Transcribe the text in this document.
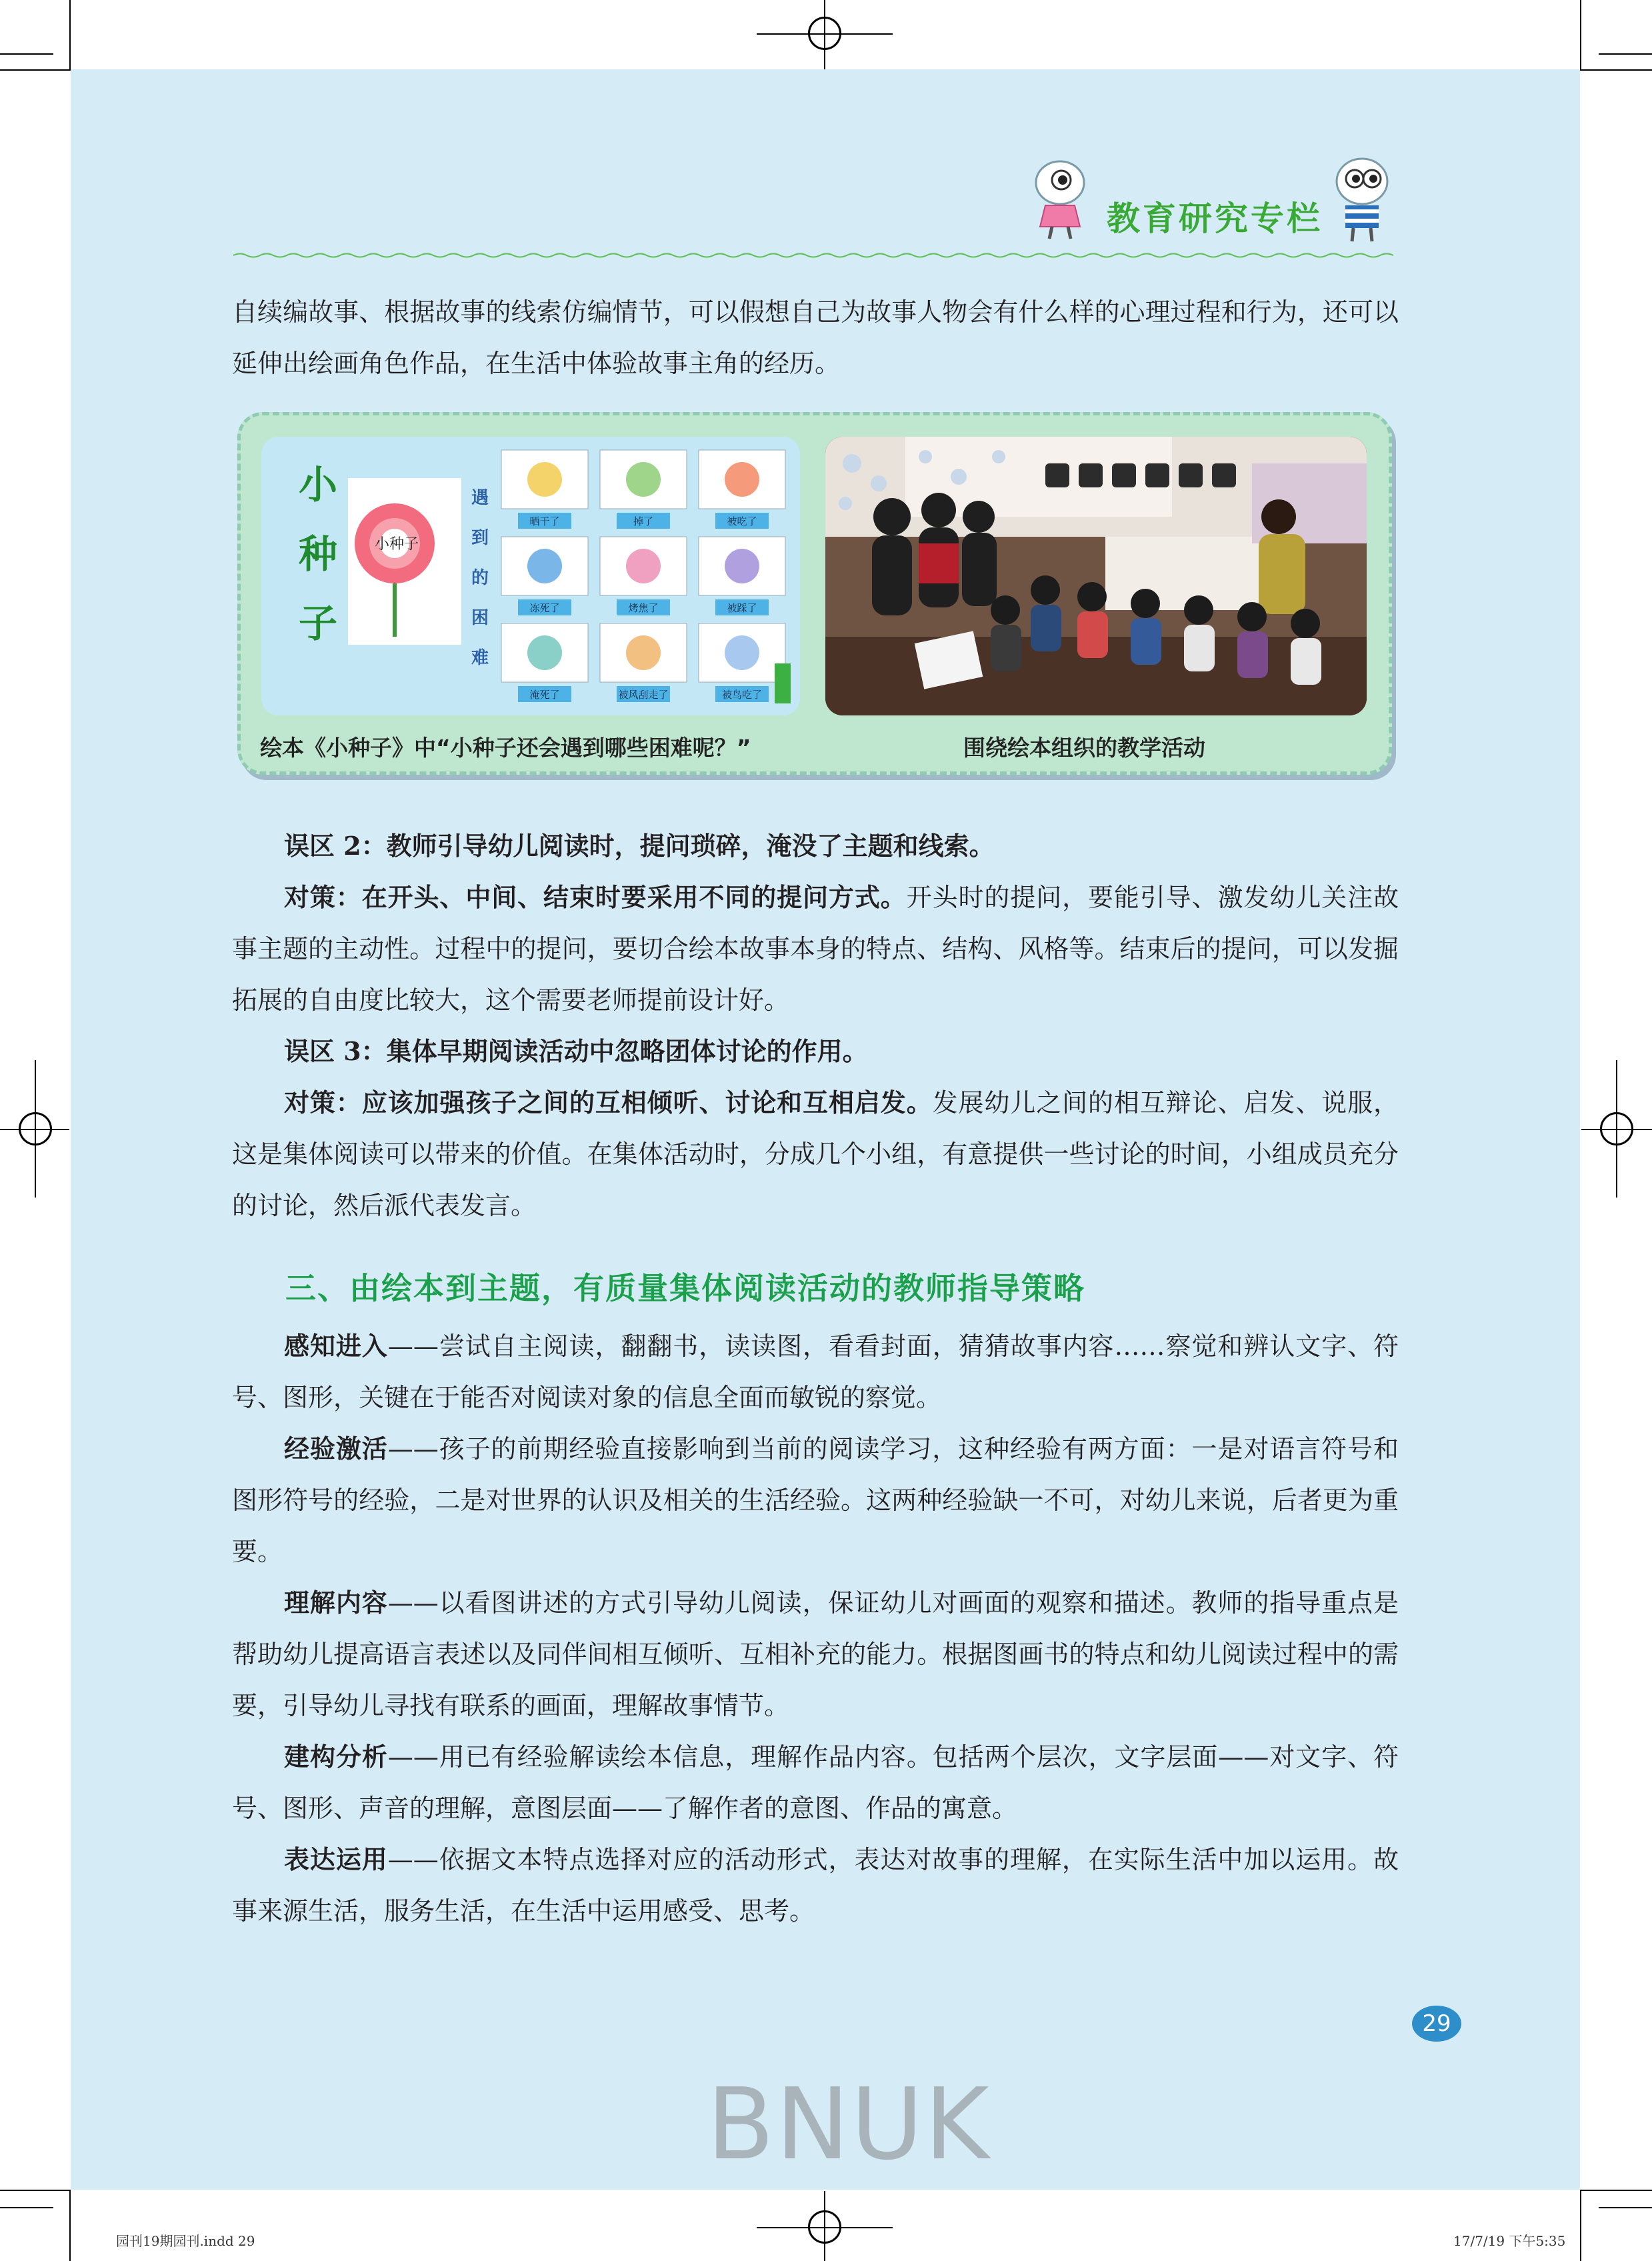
教育研究专栏

自续编故事、根据故事的线索仿编情节，可以假想自己为故事人物会有什么样的心理过程和行为，还可以延伸出绘画角色作品，在生活中体验故事主角的经历。

小
种
子
小种子
遇
到
的
困
难
晒干了	掉了	被吃了
冻死了	烤焦了	被踩了
淹死了	被风刮走了	被鸟吃了
绘本《小种子》中“小种子还会遇到哪些困难呢？”	围绕绘本组织的教学活动

误区 2：教师引导幼儿阅读时，提问琐碎，淹没了主题和线索。

对策：在开头、中间、结束时要采用不同的提问方式。开头时的提问，要能引导、激发幼儿关注故事主题的主动性。过程中的提问，要切合绘本故事本身的特点、结构、风格等。结束后的提问，可以发掘拓展的自由度比较大，这个需要老师提前设计好。

误区 3：集体早期阅读活动中忽略团体讨论的作用。

对策：应该加强孩子之间的互相倾听、讨论和互相启发。发展幼儿之间的相互辩论、启发、说服，这是集体阅读可以带来的价值。在集体活动时，分成几个小组，有意提供一些讨论的时间，小组成员充分的讨论，然后派代表发言。

三、由绘本到主题，有质量集体阅读活动的教师指导策略

感知进入——尝试自主阅读，翻翻书，读读图，看看封面，猜猜故事内容……察觉和辨认文字、符号、图形，关键在于能否对阅读对象的信息全面而敏锐的察觉。

经验激活——孩子的前期经验直接影响到当前的阅读学习，这种经验有两方面：一是对语言符号和图形符号的经验，二是对世界的认识及相关的生活经验。这两种经验缺一不可，对幼儿来说，后者更为重要。

理解内容——以看图讲述的方式引导幼儿阅读，保证幼儿对画面的观察和描述。教师的指导重点是帮助幼儿提高语言表述以及同伴间相互倾听、互相补充的能力。根据图画书的特点和幼儿阅读过程中的需要，引导幼儿寻找有联系的画面，理解故事情节。

建构分析——用已有经验解读绘本信息，理解作品内容。包括两个层次，文字层面——对文字、符号、图形、声音的理解，意图层面——了解作者的意图、作品的寓意。

表达运用——依据文本特点选择对应的活动形式，表达对故事的理解，在实际生活中加以运用。故事来源生活，服务生活，在生活中运用感受、思考。

29
BNUK
园刊19期园刊.indd 29	17/7/19 下午5:35
